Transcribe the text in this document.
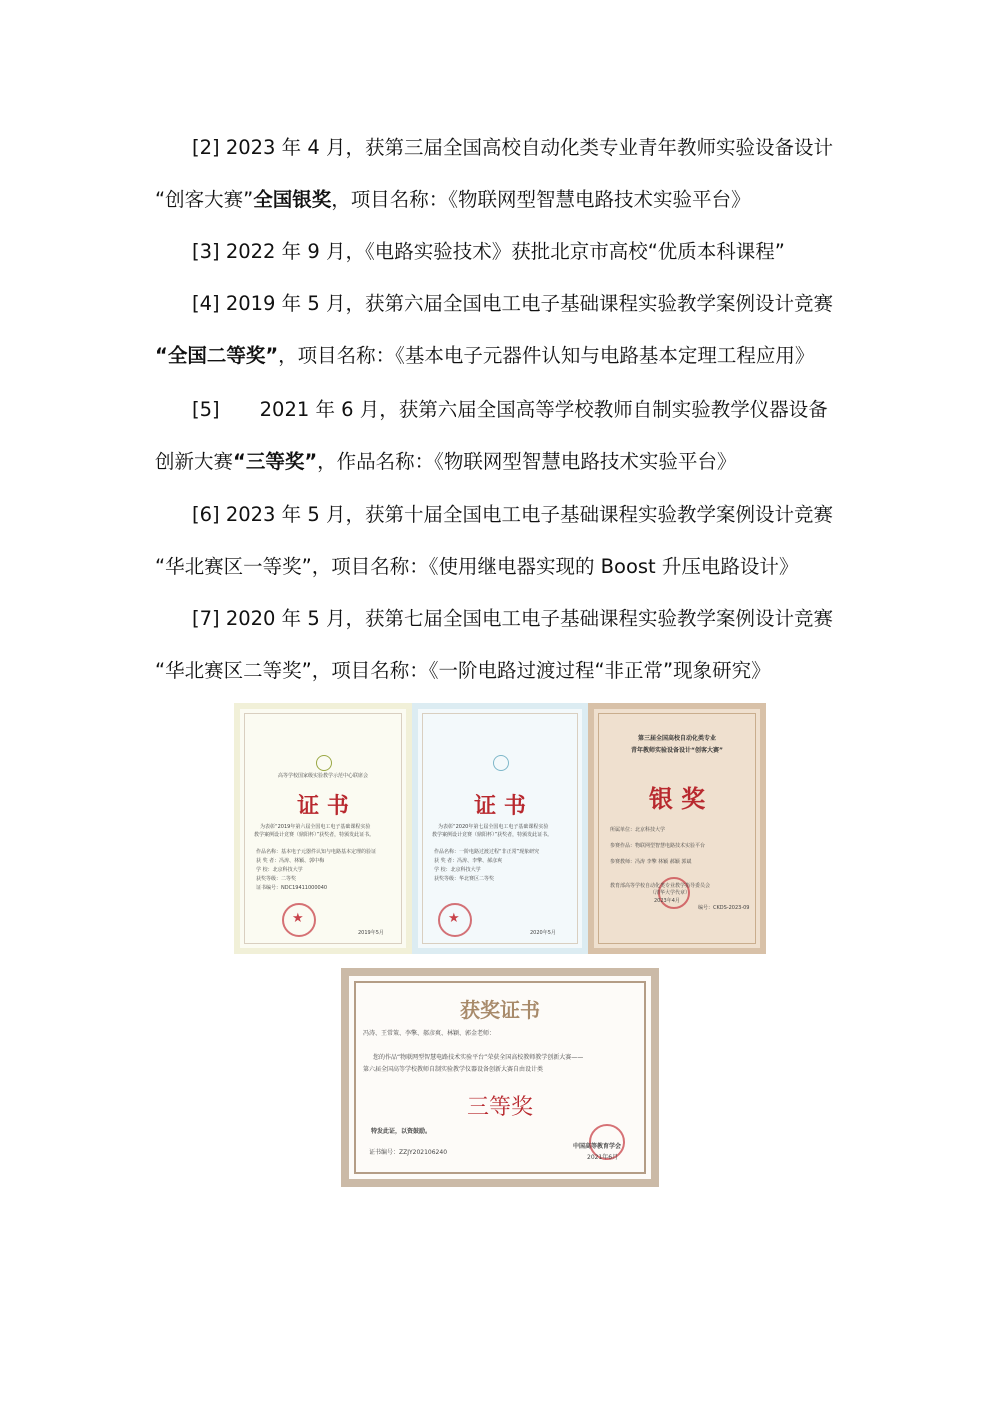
[2] 2023 年 4 月，获第三届全国高校自动化类专业青年教师实验设备设计
“创客大赛”全国银奖，项目名称：《物联网型智慧电路技术实验平台》
[3] 2022 年 9 月，《电路实验技术》获批北京市高校“优质本科课程”
[4] 2019 年 5 月，获第六届全国电工电子基础课程实验教学案例设计竞赛
“全国二等奖”，项目名称：《基本电子元器件认知与电路基本定理工程应用》
[5] 2021 年 6 月，获第六届全国高等学校教师自制实验教学仪器设备
创新大赛“三等奖”，作品名称：《物联网型智慧电路技术实验平台》
[6] 2023 年 5 月，获第十届全国电工电子基础课程实验教学案例设计竞赛
“华北赛区一等奖”，项目名称：《使用继电器实现的 Boost 升压电路设计》
[7] 2020 年 5 月，获第七届全国电工电子基础课程实验教学案例设计竞赛
“华北赛区二等奖”，项目名称：《一阶电路过渡过程“非正常”现象研究》
高等学校国家级实验教学示范中心联席会
证 书
为表彰“2019年第六届全国电工电子基础课程实验
教学案例设计竞赛（鼎阳杯）”获奖者，特颁发此证书。
作品名称：基本电子元器件认知与电路基本定理的验证
获 奖 者：冯涛、林颖、郭中梅
学 校：北京科技大学
获奖等级：二等奖
证书编号：NDC19411000040
★
2019年5月
证 书
为表彰“2020年第七届全国电工电子基础课程实验
教学案例设计竞赛（鼎阳杯）”获奖者，特颁发此证书。
作品名称：一阶电路过渡过程“非正常”现象研究
获 奖 者：冯涛、李擎、郝彦爽
学 校：北京科技大学
获奖等级：华北赛区二等奖
★
2020年5月
第三届全国高校自动化类专业
青年教师实验设备设计“创客大赛”
银 奖
所属单位：北京科技大学
参赛作品：物联网型智慧电路技术实验平台
参赛教师：冯涛 李擎 林颖 郝颖 郭斌
教育部高等学校自动化类专业教学指导委员会
（清华大学代章）
2023年4月
编号：CKDS-2023-09
获奖证书
冯涛、王常策、李擎、郝彦爽、林颖、郭金老师：
您的作品“物联网型智慧电路技术实验平台”荣获全国高校教师教学创新大赛——
第六届全国高等学校教师自制实验教学仪器设备创新大赛自由设计类
三等奖
特发此证，以资鼓励。
证书编号：ZZJY202106240
中国高等教育学会
2021年6月
